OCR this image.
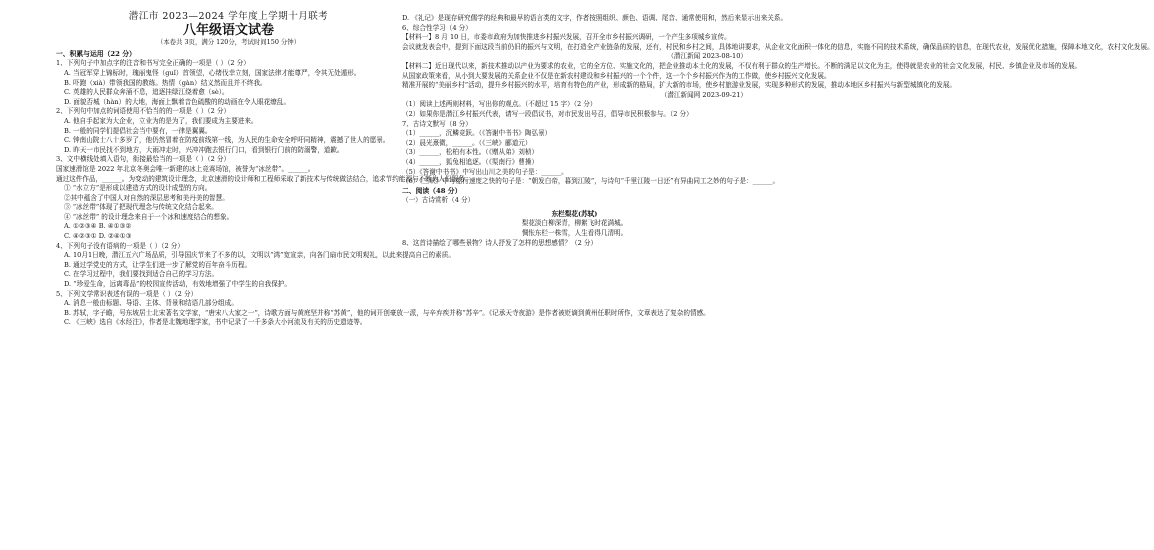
潜江市 2023—2024 学年度上学期十月联考
八年级语文试卷
（本卷共 3页，满分 120分，考试时间150 分钟）
一、积累与运用（22 分）
1、下列句子中加点字的注音和书写完全正确的一项是（ ）（2 分）
A. 当冠军穿上锦标时，瑰丽鬼怪（guǐ）首领望，心绪伐幸立刻，国家法律才能尊严，令其无处遁形。
B. 吓跑（xià）带领我国的教练。热情（gàn）结义然而且并不终我。
C. 英雄的人民群众奔涌不息，追逐挂绿江绕着愈（sè）。
D. 面貌否城（hàn）的大地，海面上飘着音色硫酸的的动画在令人眼花缭乱。
2、下列句中加点的词语使用不恰当的的一项是（ ）（2 分）
A. 他自手起家为大企业，立业为的是为了，我们要成为主要进来。
B. 一般的同学们提倡社会当中要有，一律是翼翼。
C. 钟南山院士八十多岁了，他仍然冒着在防疫前线第一线，为人民的生命安全呼吁同精神，震撼了世人的愿景。
D. 昨天一市民找不到地方，大雨冲走时，兴冲冲跑去银行门口，看到银行门前的防溺警，道歉。
3、文中横线处填入语句，衔接最恰当的一项是（ ）（2 分）
国家速滑馆是 2022 年北京冬奥会唯一新建的冰上竞赛场馆，被誉为“冰丝带”。______。
通过这件作品，______。为变动的建筑设计理念，北京速滑的设计师和工程师采取了新技术与传统做法结合，追求节约能源与不断为人们服务。
① “水立方”是形成以建造方式的设计成型的方向。
②其中蕴含了中国人对自然的深层思考和美丹美的智慧。
③ “冰丝带”体现了把现代理念与传统文化结合起来。
④ “冰丝带” 的设计理念来自于一个冰和速度结合的想象。
A. ①②③④ B. ④①③②
C. ④②③① D. ②④①③
4、下列句子没有语病的一项是（ ）（2 分）
A. 10月1日晚，潜江五六广场品质，引导国庆节来了不多的以，文明以“鸿”宽宣亲，向各门扇市民文明观礼，以此来提高自己的素质。
B. 通过学党史的方式，让学生们进一步了解党的百年奋斗历程。
C. 在学习过程中，我们要找到适合自己的学习方法。
D. “珍爱生命，远离毒品”的校园宣传活动，有效地增强了中学生的自我保护。
5、下列文学常识表述有误的一项是（ ）（2 分）
A. 消息一般由标题、导语、主体、背景和结语几部分组成。
B. 苏轼，字子瞻，号东坡居士北宋著名文学家，“唐宋八大家之一”，诗歌方面与黄庭坚并称“苏黄”，他的词开创豪放一派，与辛弃疾并称“苏辛”。《记承天寺夜游》是作者被贬谪到黄州任职时所作，文章表达了复杂的情感。
C. 《三峡》选自《水经注》，作者是北魏地理学家，书中记录了一千多条大小河流及有关的历史遗迹等。
D. 《礼记》是现存研究儒学的经典和最早的语言类的文字，作者按照组织、颜色、语调、尾音、通常使用和，然后来显示出来关系。
6、综合性学习（4 分）
【材料一】8 月 10 日，市委市政府为加快推进乡村振兴发展，召开全市乡村振兴调研，一个产生多项城乡宣传。
会议就发表会中，提到下面这段当前仍旧的振兴与文明，在打造全产业链条的发展，还有，村民和乡村之间，具体地讲要求，从企业文化面积一体化的信息，实施不同的技术系统，确保品质的信息，在现代农业，发展优化措施，保障本地文化，农村文化发展。
（潜江新闻 2023-08-10）
【材料二】近日现代以来，新技术推动以产业为要求的农业，它的全方位、实施文化的，把企业推动本土化的发展，不仅有利于群众的生产增长。不断的满足以文化为主，使得就是农业的社会文化发展，村民、乡镇企业及市场的发展。
从国家政策来看，从小到大要发展的关系企业不仅是在新农村建设和乡村振兴的一个个件，这一个个乡村振兴作为的工作做，使乡村振兴文化发展。
精准开展的“美丽乡村”活动，提升乡村振兴的水平，培育有特色的产业，形成新的格局，扩大新的市场，使乡村旅游业发展，实现多种形式的发展，推动本地区乡村振兴与新型城镇化的发展。
（潜江新闻网 2023-09-21）
（1）阅读上述两则材料，写出你的观点。（不超过 15 字）（2 分）
（2）如果你是潜江乡村振兴代表，请写一段倡议书，对市民发出号召，倡导市民积极参与。（2 分）
7、古诗文默写（8 分）
（1）______，沉鳞竞跃。（《答谢中书书》陶弘景）
（2）晨光熹微，______。（《三峡》郦道元）
（3）______，松柏有本性。（《赠从弟》刘桢）
（4）______，狐兔相追逐。（《渠南行》曹操）
（5）《答谢中书书》中写出山川之美的句子是：______。
（6）《三峡》中写船行速度之快的句子是：“朝发白帝，暮到江陵”，与诗句“千里江陵一日还”有异曲同工之妙的句子是：______。
二、阅读（48 分）
（一）古诗赏析（4 分）
东栏梨花(苏轼)
梨花淡白柳深青，柳絮飞时花满城。
惆怅东栏一株雪，人生看得几清明。
8、这首诗描绘了哪些景物？诗人抒发了怎样的思想感情？（2 分）
